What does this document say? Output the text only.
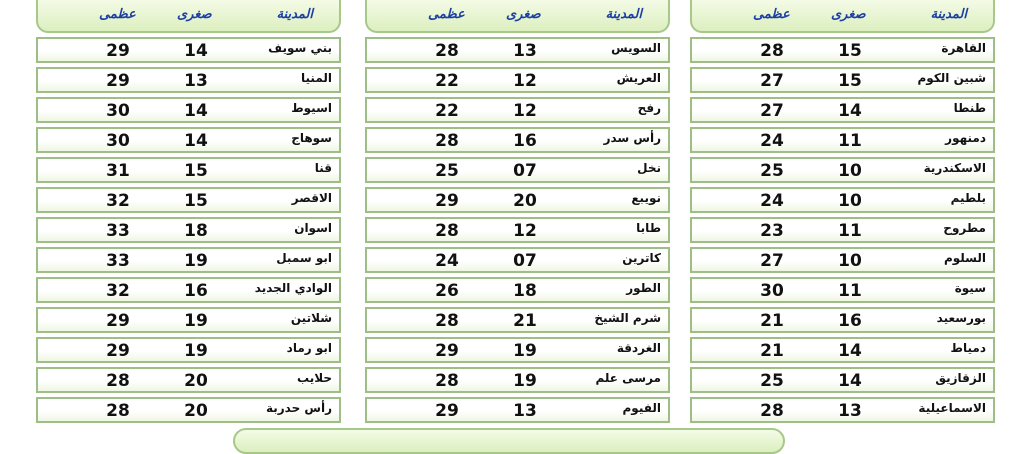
المدينة
صغرى
عظمى
بني سويف
14
29
المنيا
13
29
اسيوط
14
30
سوهاج
14
30
قنا
15
31
الاقصر
15
32
اسوان
18
33
ابو سمبل
19
33
الوادي الجديد
16
32
شلاتين
19
29
ابو رماد
19
29
حلايب
20
28
رأس حدربة
20
28
المدينة
صغرى
عظمى
السويس
13
28
العريش
12
22
رفح
12
22
رأس سدر
16
28
نخل
07
25
نويبع
20
29
طابا
12
28
كاترين
07
24
الطور
18
26
شرم الشيخ
21
28
الغردقة
19
29
مرسى علم
19
28
الفيوم
13
29
المدينة
صغرى
عظمى
القاهرة
15
28
شبين الكوم
15
27
طنطا
14
27
دمنهور
11
24
الاسكندرية
10
25
بلطيم
10
24
مطروح
11
23
السلوم
10
27
سيوة
11
30
بورسعيد
16
21
دمياط
14
21
الزقازيق
14
25
الاسماعيلية
13
28
